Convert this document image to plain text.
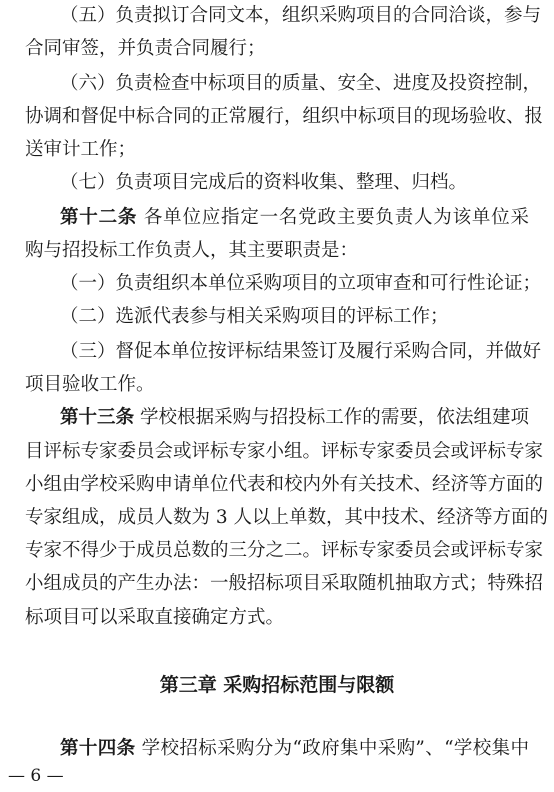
（五）负责拟订合同文本，组织采购项目的合同洽谈，参与
合同审签，并负责合同履行；
（六）负责检查中标项目的质量、安全、进度及投资控制，
协调和督促中标合同的正常履行，组织中标项目的现场验收、报
送审计工作；
（七）负责项目完成后的资料收集、整理、归档。
第十二条 各单位应指定一名党政主要负责人为该单位采
购与招投标工作负责人，其主要职责是：
（一）负责组织本单位采购项目的立项审查和可行性论证；
（二）选派代表参与相关采购项目的评标工作；
（三）督促本单位按评标结果签订及履行采购合同，并做好
项目验收工作。
第十三条 学校根据采购与招投标工作的需要，依法组建项
目评标专家委员会或评标专家小组。评标专家委员会或评标专家
小组由学校采购申请单位代表和校内外有关技术、经济等方面的
专家组成，成员人数为 3 人以上单数，其中技术、经济等方面的
专家不得少于成员总数的三分之二。评标专家委员会或评标专家
小组成员的产生办法：一般招标项目采取随机抽取方式；特殊招
标项目可以采取直接确定方式。
第三章 采购招标范围与限额
第十四条 学校招标采购分为“政府集中采购”、“学校集中
— 6 —
